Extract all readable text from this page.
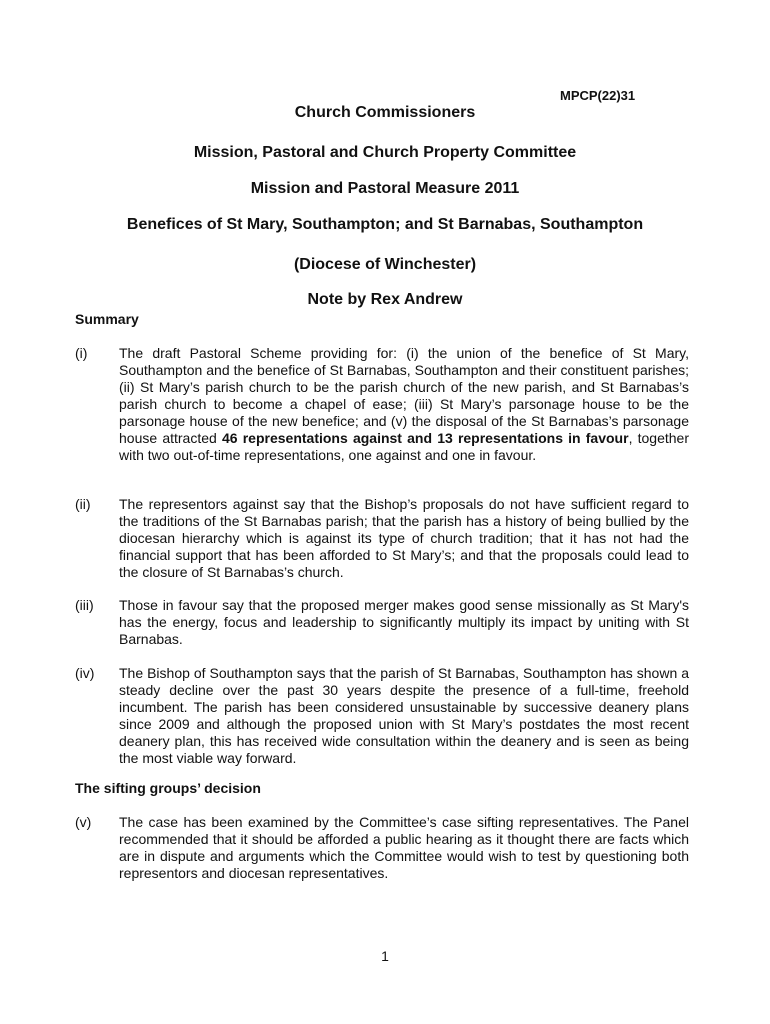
MPCP(22)31
Church Commissioners
Mission, Pastoral and Church Property Committee
Mission and Pastoral Measure 2011
Benefices of St Mary, Southampton; and St Barnabas, Southampton
(Diocese of Winchester)
Note by Rex Andrew
Summary
(i) The draft Pastoral Scheme providing for: (i) the union of the benefice of St Mary, Southampton and the benefice of St Barnabas, Southampton and their constituent parishes; (ii) St Mary’s parish church to be the parish church of the new parish, and St Barnabas’s parish church to become a chapel of ease; (iii) St Mary’s parsonage house to be the parsonage house of the new benefice; and (v) the disposal of the St Barnabas’s parsonage house attracted 46 representations against and 13 representations in favour, together with two out-of-time representations, one against and one in favour.
(ii) The representors against say that the Bishop’s proposals do not have sufficient regard to the traditions of the St Barnabas parish; that the parish has a history of being bullied by the diocesan hierarchy which is against its type of church tradition; that it has not had the financial support that has been afforded to St Mary’s; and that the proposals could lead to the closure of St Barnabas’s church.
(iii) Those in favour say that the proposed merger makes good sense missionally as St Mary's has the energy, focus and leadership to significantly multiply its impact by uniting with St Barnabas.
(iv) The Bishop of Southampton says that the parish of St Barnabas, Southampton has shown a steady decline over the past 30 years despite the presence of a full-time, freehold incumbent. The parish has been considered unsustainable by successive deanery plans since 2009 and although the proposed union with St Mary’s postdates the most recent deanery plan, this has received wide consultation within the deanery and is seen as being the most viable way forward.
The sifting groups’ decision
(v) The case has been examined by the Committee’s case sifting representatives. The Panel recommended that it should be afforded a public hearing as it thought there are facts which are in dispute and arguments which the Committee would wish to test by questioning both representors and diocesan representatives.
1
